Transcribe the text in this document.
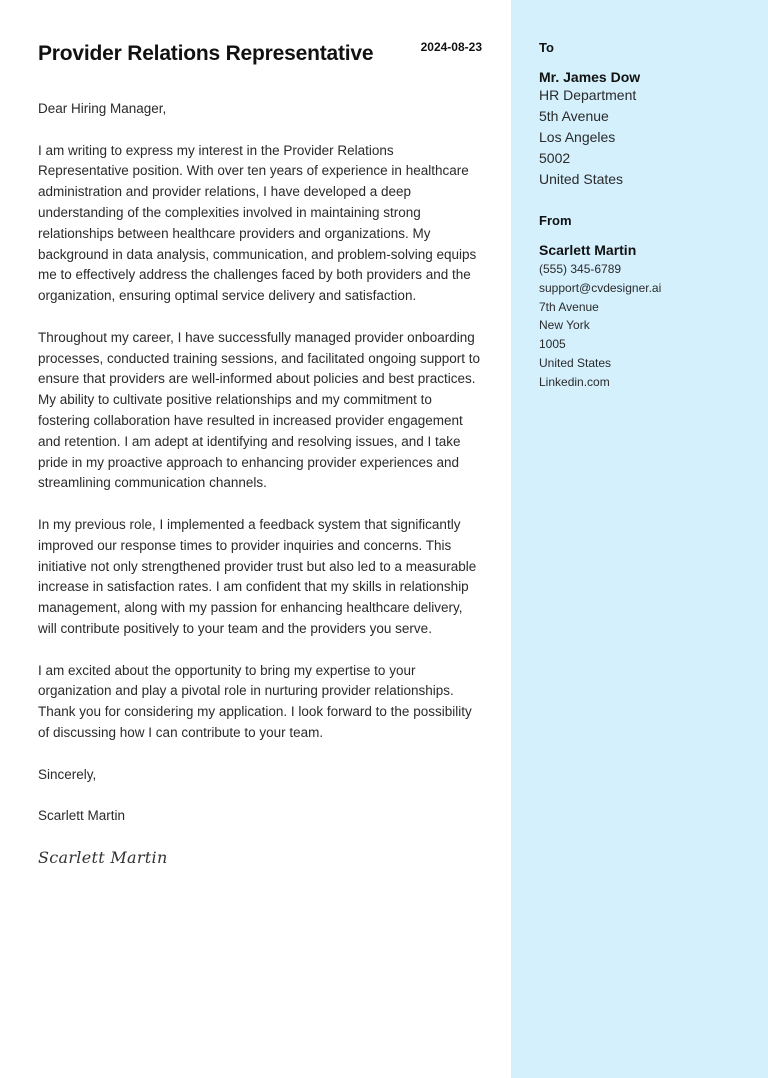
Provider Relations Representative	2024-08-23

Dear Hiring Manager,

I am writing to express my interest in the Provider Relations Representative position. With over ten years of experience in healthcare administration and provider relations, I have developed a deep understanding of the complexities involved in maintaining strong relationships between healthcare providers and organizations. My background in data analysis, communication, and problem-solving equips me to effectively address the challenges faced by both providers and the organization, ensuring optimal service delivery and satisfaction.

Throughout my career, I have successfully managed provider onboarding processes, conducted training sessions, and facilitated ongoing support to ensure that providers are well-informed about policies and best practices. My ability to cultivate positive relationships and my commitment to fostering collaboration have resulted in increased provider engagement and retention. I am adept at identifying and resolving issues, and I take pride in my proactive approach to enhancing provider experiences and streamlining communication channels.

In my previous role, I implemented a feedback system that significantly improved our response times to provider inquiries and concerns. This initiative not only strengthened provider trust but also led to a measurable increase in satisfaction rates. I am confident that my skills in relationship management, along with my passion for enhancing healthcare delivery, will contribute positively to your team and the providers you serve.

I am excited about the opportunity to bring my expertise to your organization and play a pivotal role in nurturing provider relationships. Thank you for considering my application. I look forward to the possibility of discussing how I can contribute to your team.

Sincerely,

Scarlett Martin

Scarlett Martin

To

Mr. James Dow

HR Department

5th Avenue

Los Angeles

5002

United States

From

Scarlett Martin

(555) 345-6789

support@cvdesigner.ai

7th Avenue

New York

1005

United States

Linkedin.com
